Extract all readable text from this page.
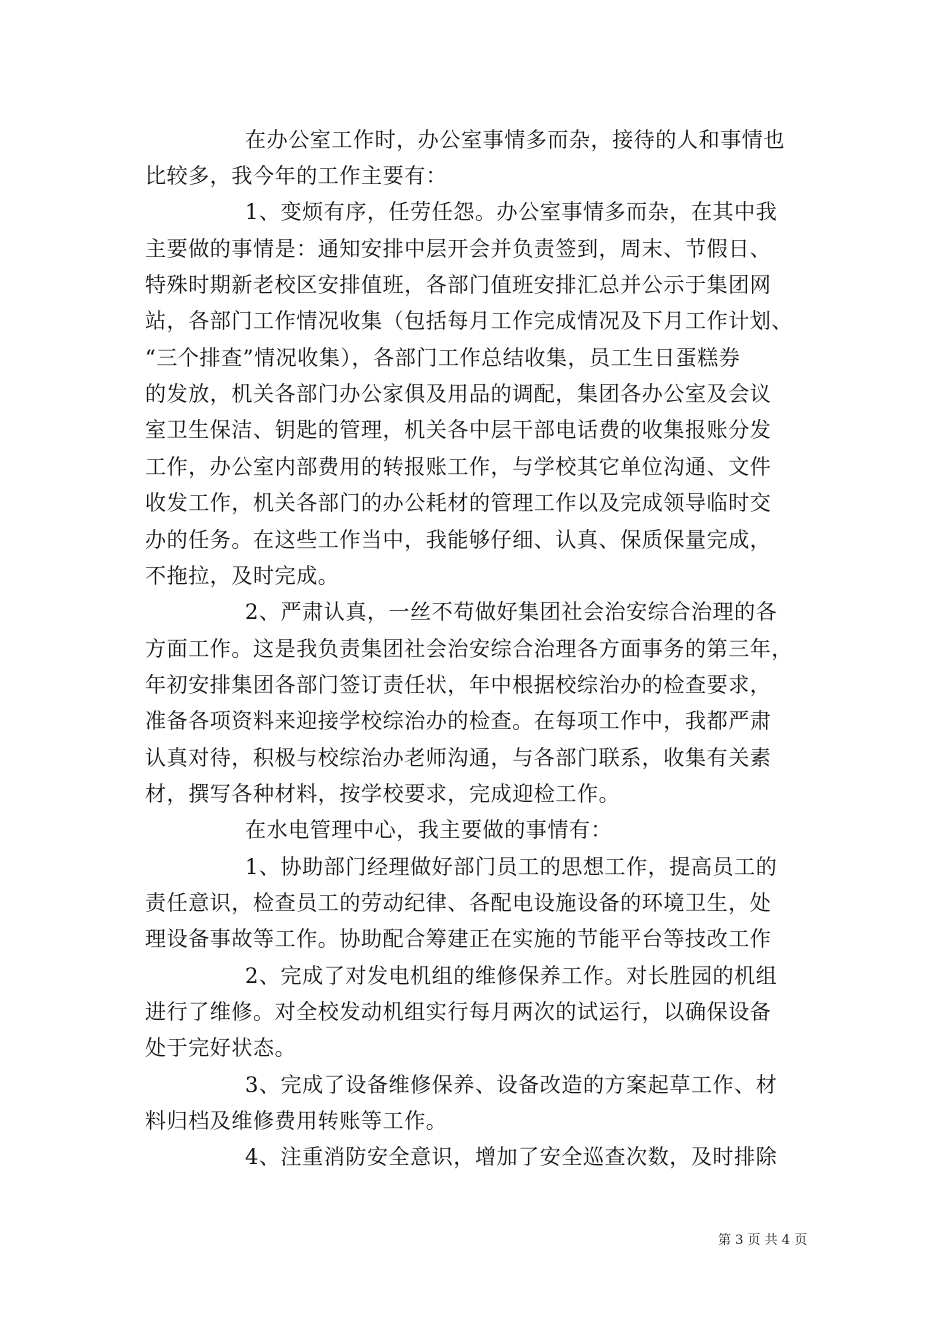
在办公室工作时，办公室事情多而杂，接待的人和事情也
比较多，我今年的工作主要有：
1、变烦有序，任劳任怨。办公室事情多而杂，在其中我
主要做的事情是：通知安排中层开会并负责签到，周末、节假日、
特殊时期新老校区安排值班，各部门值班安排汇总并公示于集团网
站，各部门工作情况收集（包括每月工作完成情况及下月工作计划、
“三个排查”情况收集），各部门工作总结收集，员工生日蛋糕券
的发放，机关各部门办公家俱及用品的调配，集团各办公室及会议
室卫生保洁、钥匙的管理，机关各中层干部电话费的收集报账分发
工作，办公室内部费用的转报账工作，与学校其它单位沟通、文件
收发工作，机关各部门的办公耗材的管理工作以及完成领导临时交
办的任务。在这些工作当中，我能够仔细、认真、保质保量完成，
不拖拉，及时完成。
2、严肃认真，一丝不苟做好集团社会治安综合治理的各
方面工作。这是我负责集团社会治安综合治理各方面事务的第三年，
年初安排集团各部门签订责任状，年中根据校综治办的检查要求，
准备各项资料来迎接学校综治办的检查。在每项工作中，我都严肃
认真对待，积极与校综治办老师沟通，与各部门联系，收集有关素
材，撰写各种材料，按学校要求，完成迎检工作。
在水电管理中心，我主要做的事情有：
1、协助部门经理做好部门员工的思想工作，提高员工的
责任意识，检查员工的劳动纪律、各配电设施设备的环境卫生，处
理设备事故等工作。协助配合筹建正在实施的节能平台等技改工作
2、完成了对发电机组的维修保养工作。对长胜园的机组
进行了维修。对全校发动机组实行每月两次的试运行，以确保设备
处于完好状态。
3、完成了设备维修保养、设备改造的方案起草工作、材
料归档及维修费用转账等工作。
4、注重消防安全意识，增加了安全巡查次数，及时排除
第 3 页 共 4 页
